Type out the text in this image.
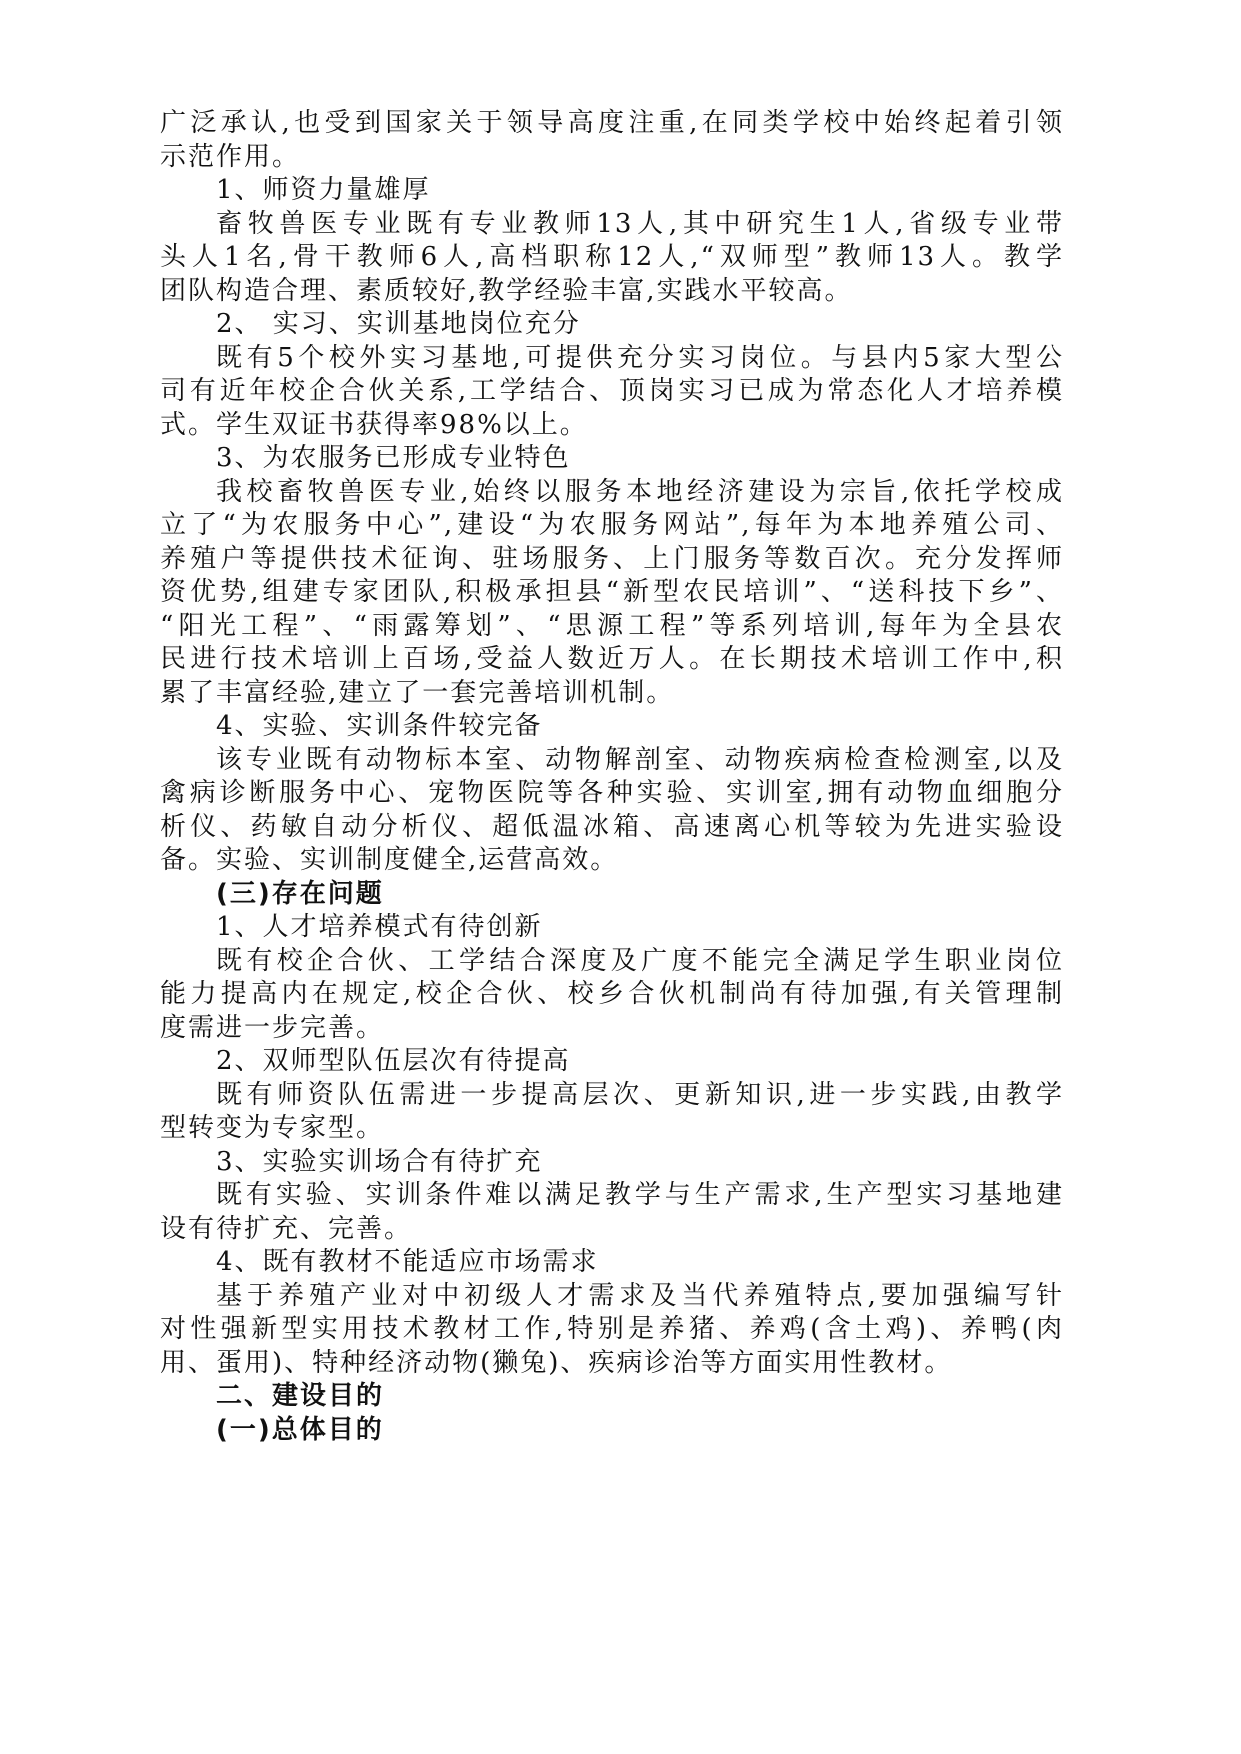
广泛承认,也受到国家关于领导高度注重,在同类学校中始终起着引领
示范作用。
1、师资力量雄厚
畜牧兽医专业既有专业教师13人,其中研究生1人,省级专业带
头人1名,骨干教师6人,高档职称12人,“双师型”教师13人。教学
团队构造合理、素质较好,教学经验丰富,实践水平较高。
2、 实习、实训基地岗位充分
既有5个校外实习基地,可提供充分实习岗位。与县内5家大型公
司有近年校企合伙关系,工学结合、顶岗实习已成为常态化人才培养模
式。学生双证书获得率98%以上。
3、为农服务已形成专业特色
我校畜牧兽医专业,始终以服务本地经济建设为宗旨,依托学校成
立了“为农服务中心”,建设“为农服务网站”,每年为本地养殖公司、
养殖户等提供技术征询、驻场服务、上门服务等数百次。充分发挥师
资优势,组建专家团队,积极承担县“新型农民培训”、“送科技下乡”、
“阳光工程”、“雨露筹划”、“思源工程”等系列培训,每年为全县农
民进行技术培训上百场,受益人数近万人。在长期技术培训工作中,积
累了丰富经验,建立了一套完善培训机制。
4、实验、实训条件较完备
该专业既有动物标本室、动物解剖室、动物疾病检查检测室,以及
禽病诊断服务中心、宠物医院等各种实验、实训室,拥有动物血细胞分
析仪、药敏自动分析仪、超低温冰箱、高速离心机等较为先进实验设
备。实验、实训制度健全,运营高效。
(三)存在问题
1、人才培养模式有待创新
既有校企合伙、工学结合深度及广度不能完全满足学生职业岗位
能力提高内在规定,校企合伙、校乡合伙机制尚有待加强,有关管理制
度需进一步完善。
2、双师型队伍层次有待提高
既有师资队伍需进一步提高层次、更新知识,进一步实践,由教学
型转变为专家型。
3、实验实训场合有待扩充
既有实验、实训条件难以满足教学与生产需求,生产型实习基地建
设有待扩充、完善。
4、既有教材不能适应市场需求
基于养殖产业对中初级人才需求及当代养殖特点,要加强编写针
对性强新型实用技术教材工作,特别是养猪、养鸡(含土鸡)、养鸭(肉
用、蛋用)、特种经济动物(獭兔)、疾病诊治等方面实用性教材。
二、建设目的
(一)总体目的
